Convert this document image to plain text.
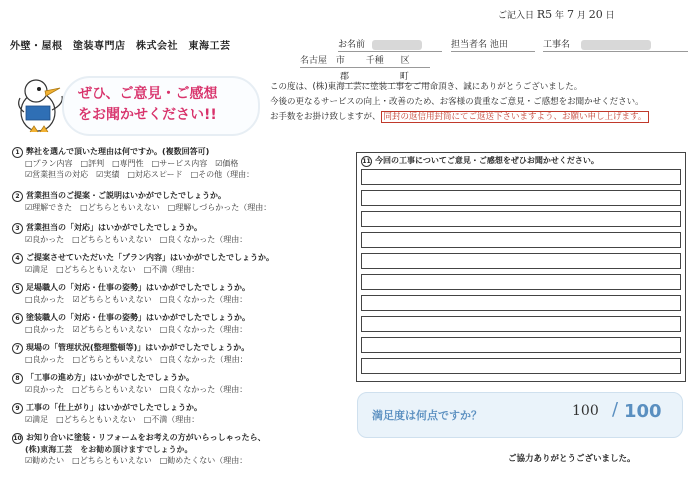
ご記入日 R5 年 7 月 20 日
外壁・屋根　塗装専門店　株式会社　東海工芸	お名前	担当者名 池田	工事名
名古屋 市 千種 区
郡	町
ぜひ、ご意見・ご感想
をお聞かせください!!
この度は、(株)東海工芸に塗装工事をご用命頂き、誠にありがとうございました。
今後の更なるサービスの向上・改善のため、お客様の貴重なご意見・ご感想をお聞かせください。
お手数をお掛け致しますが、 同封の返信用封筒にてご返送下さいますよう、お願い申し上げます。
1 弊社を選んで頂いた理由は何ですか。(複数回答可)
□プラン内容　□評判　□専門性　□サービス内容　☑価格
☑営業担当の対応　☑実績　□対応スピード　□その他（理由：
2 営業担当のご提案・ご説明はいかがでしたでしょうか。
☑理解できた　□どちらともいえない　□理解しづらかった（理由：
3 営業担当の「対応」はいかがでしたでしょうか。
☑良かった　□どちらともいえない　□良くなかった（理由：
4 ご提案させていただいた「プラン内容」はいかがでしたでしょうか。
☑満足　□どちらともいえない　□不満（理由：
5 足場職人の「対応・仕事の姿勢」はいかがでしたでしょうか。
□良かった　☑どちらともいえない　□良くなかった（理由：
6 塗装職人の「対応・仕事の姿勢」はいかがでしたでしょうか。
□良かった　☑どちらともいえない　□良くなかった（理由：
7 現場の「管理状況(整理整頓等)」はいかがでしたでしょうか。
□良かった　□どちらともいえない　□良くなかった（理由：
8 「工事の進め方」はいかがでしたでしょうか。
☑良かった　□どちらともいえない　□良くなかった（理由：
9 工事の「仕上がり」はいかがでしたでしょうか。
☑満足　□どちらともいえない　□不満（理由：
10 お知り合いに塗装・リフォームをお考えの方がいらっしゃったら、
(株)東海工芸　をお勧め頂けますでしょうか。
☑勧めたい　□どちらともいえない　□勧めたくない（理由：
11 今回の工事についてご意見・ご感想をぜひお聞かせください。
満足度は何点ですか？	100 / 100
ご協力ありがとうございました。
